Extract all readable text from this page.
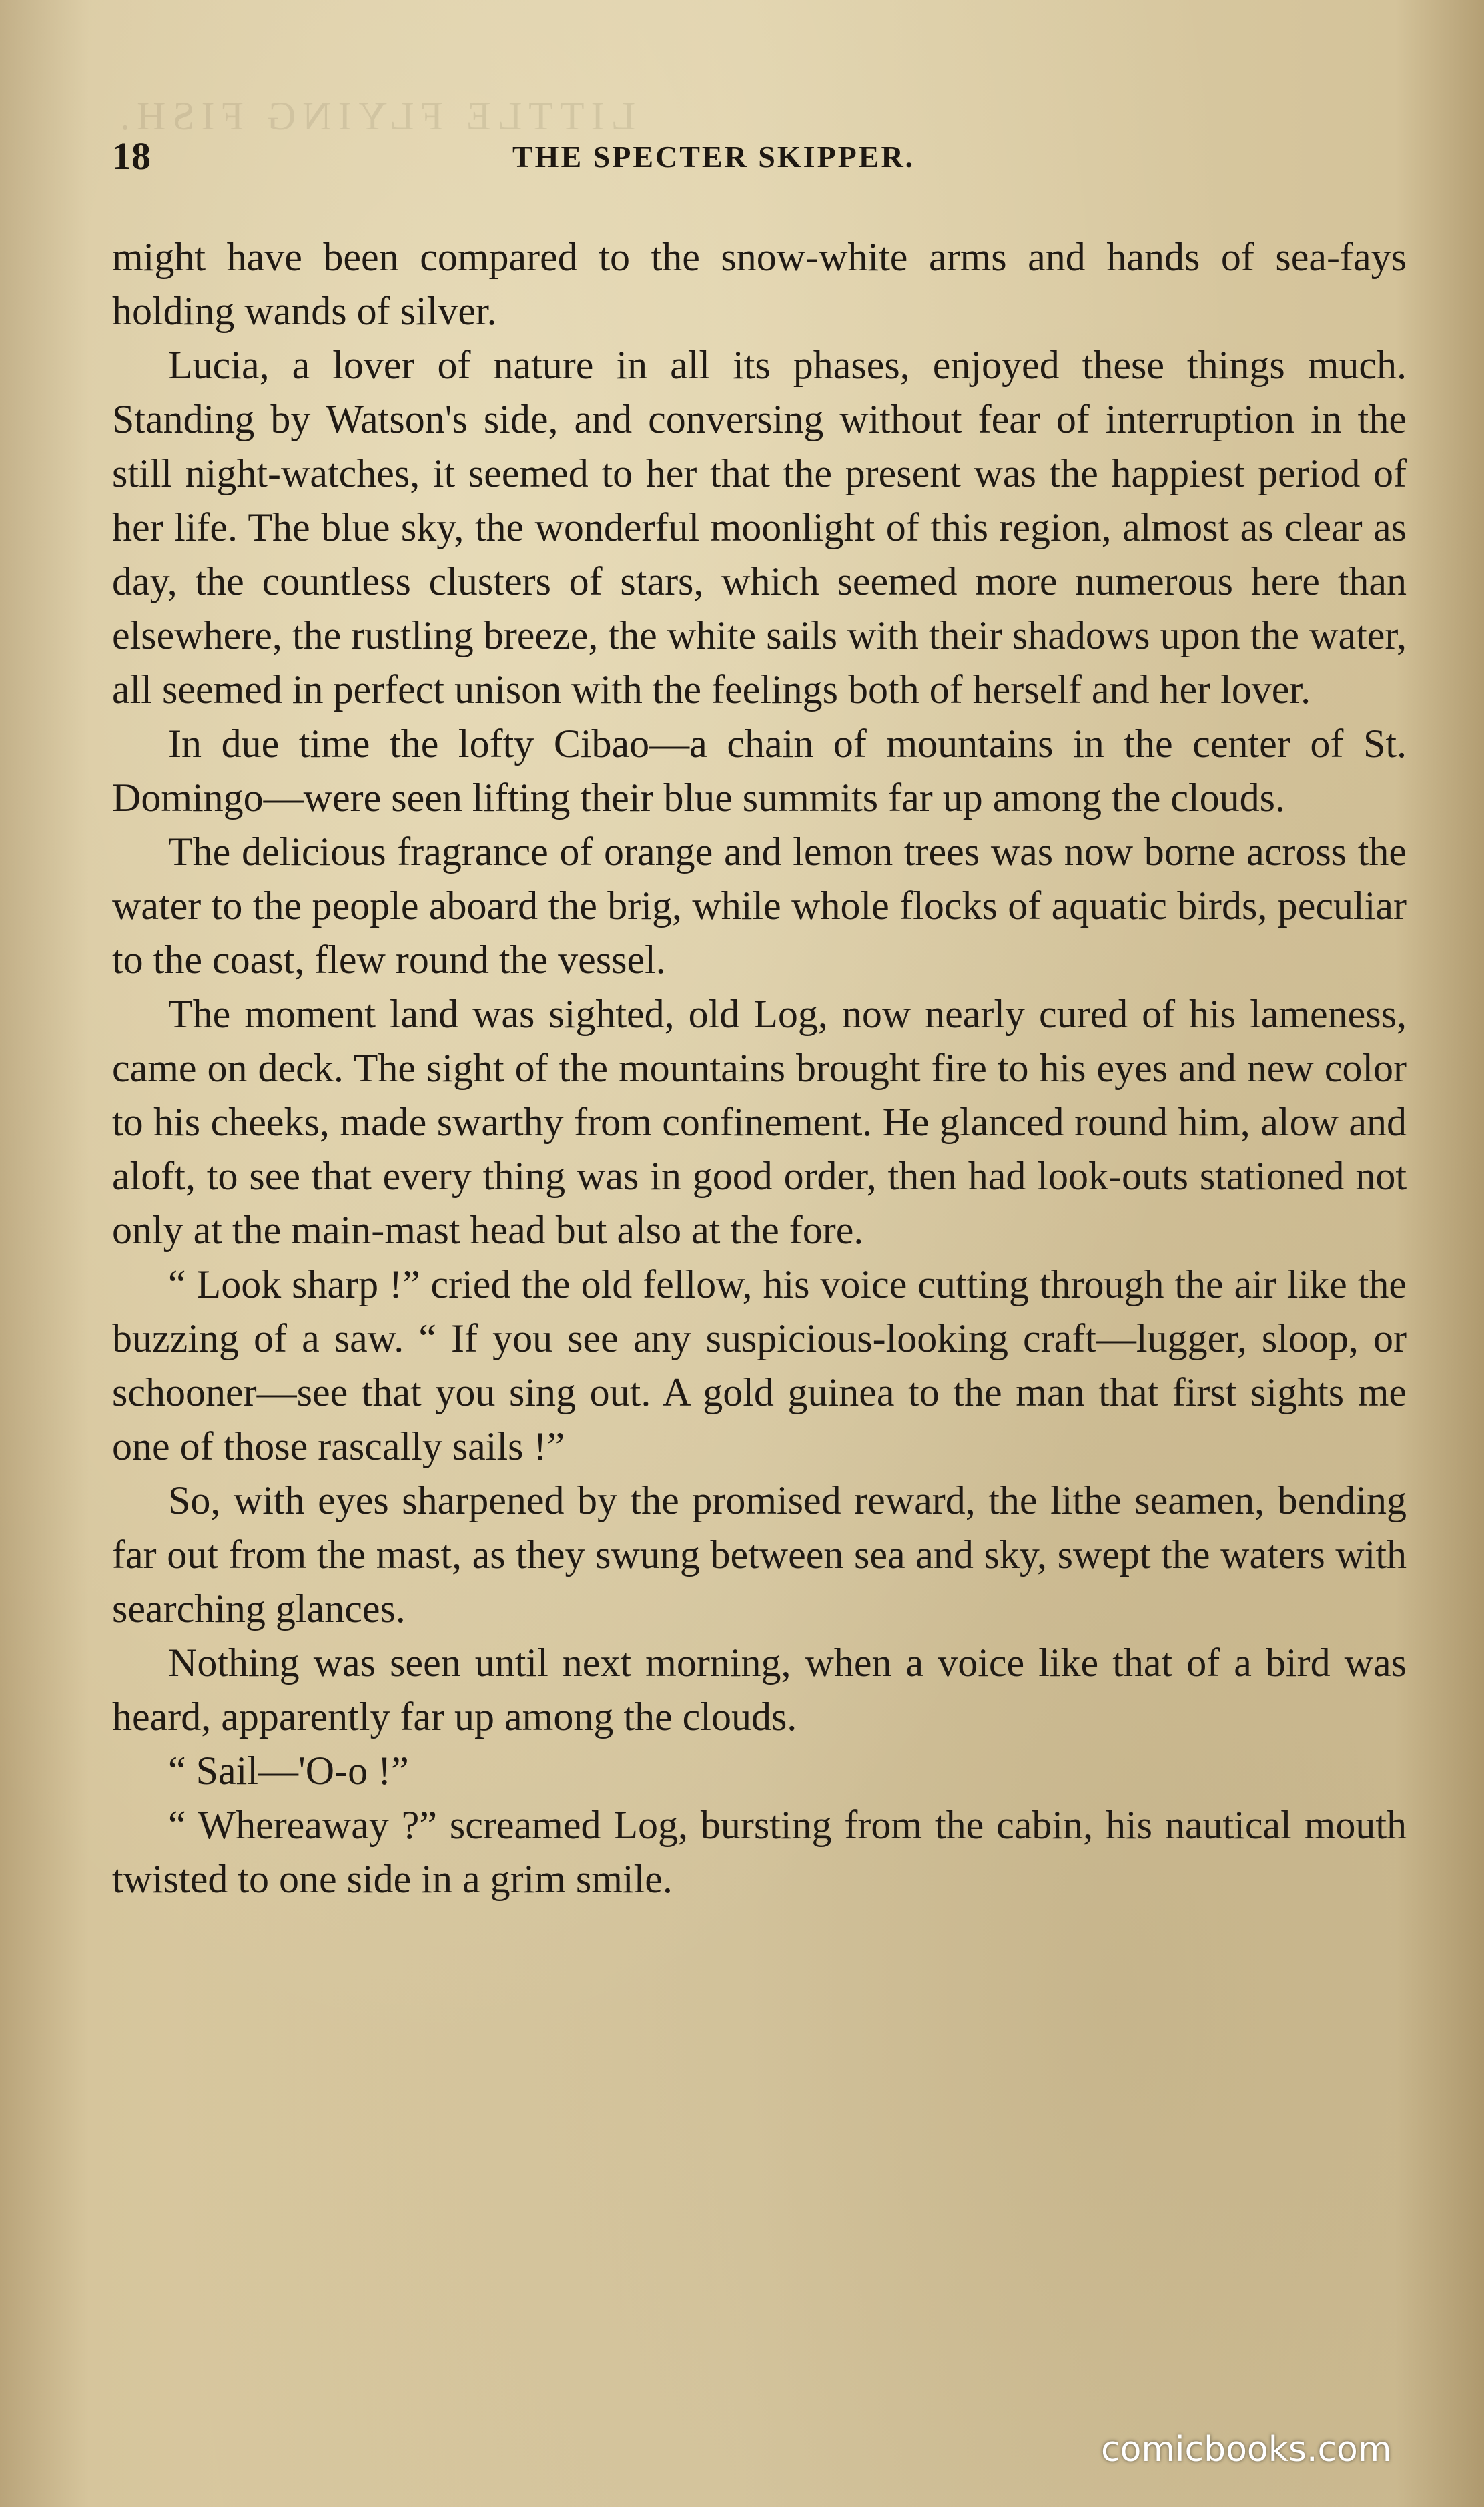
LITTLE FLYING FISH.
18	THE SPECTER SKIPPER.

might have been compared to the snow-white arms and hands of sea-fays holding wands of silver.

Lucia, a lover of nature in all its phases, enjoyed these things much. Standing by Watson's side, and conversing without fear of interruption in the still night-watches, it seemed to her that the present was the happiest period of her life. The blue sky, the wonderful moonlight of this region, almost as clear as day, the countless clusters of stars, which seemed more numerous here than elsewhere, the rustling breeze, the white sails with their shadows upon the water, all seemed in perfect unison with the feelings both of herself and her lover.

In due time the lofty Cibao—a chain of mountains in the center of St. Domingo—were seen lifting their blue summits far up among the clouds.

The delicious fragrance of orange and lemon trees was now borne across the water to the people aboard the brig, while whole flocks of aquatic birds, peculiar to the coast, flew round the vessel.

The moment land was sighted, old Log, now nearly cured of his lameness, came on deck. The sight of the mountains brought fire to his eyes and new color to his cheeks, made swarthy from confinement. He glanced round him, alow and aloft, to see that every thing was in good order, then had look-outs stationed not only at the main-mast head but also at the fore.

“ Look sharp !” cried the old fellow, his voice cutting through the air like the buzzing of a saw. “ If you see any suspicious-looking craft—lugger, sloop, or schooner—see that you sing out. A gold guinea to the man that first sights me one of those rascally sails !”

So, with eyes sharpened by the promised reward, the lithe seamen, bending far out from the mast, as they swung between sea and sky, swept the waters with searching glances.

Nothing was seen until next morning, when a voice like that of a bird was heard, apparently far up among the clouds.

“ Sail—'O-o !”

“ Whereaway ?” screamed Log, bursting from the cabin, his nautical mouth twisted to one side in a grim smile.

comicbooks.com
